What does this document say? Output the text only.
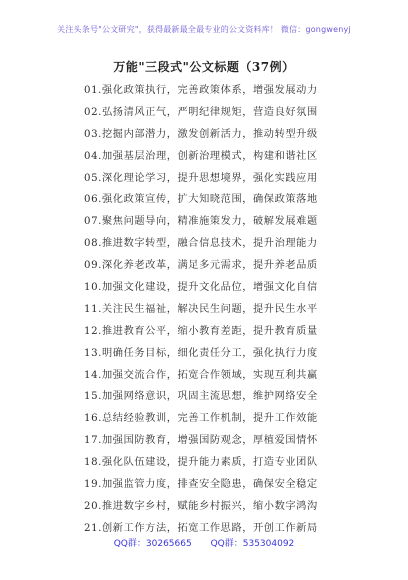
关注头条号"公文研究"，获得最新最全最专业的公文资料库！ 微信：gongwenyj
万能"三段式"公文标题（37例）
01.强化政策执行，完善政策体系，增强发展动力
02.弘扬清风正气，严明纪律规矩，营造良好氛围
03.挖掘内部潜力，激发创新活力，推动转型升级
04.加强基层治理，创新治理模式，构建和谐社区
05.深化理论学习，提升思想境界，强化实践应用
06.强化政策宣传，扩大知晓范围，确保政策落地
07.聚焦问题导向，精准施策发力，破解发展难题
08.推进数字转型，融合信息技术，提升治理能力
09.深化养老改革，满足多元需求，提升养老品质
10.加强文化建设，提升文化品位，增强文化自信
11.关注民生福祉，解决民生问题，提升民生水平
12.推进教育公平，缩小教育差距，提升教育质量
13.明确任务目标，细化责任分工，强化执行力度
14.加强交流合作，拓宽合作领域，实现互利共赢
15.加强网络意识，巩固主流思想，维护网络安全
16.总结经验教训，完善工作机制，提升工作效能
17.加强国防教育，增强国防观念，厚植爱国情怀
18.强化队伍建设，提升能力素质，打造专业团队
19.加强监管力度，排查安全隐患，确保安全稳定
20.推进数字乡村，赋能乡村振兴，缩小数字鸿沟
21.创新工作方法，拓宽工作思路，开创工作新局
QQ群：30265665 QQ群：535304092
